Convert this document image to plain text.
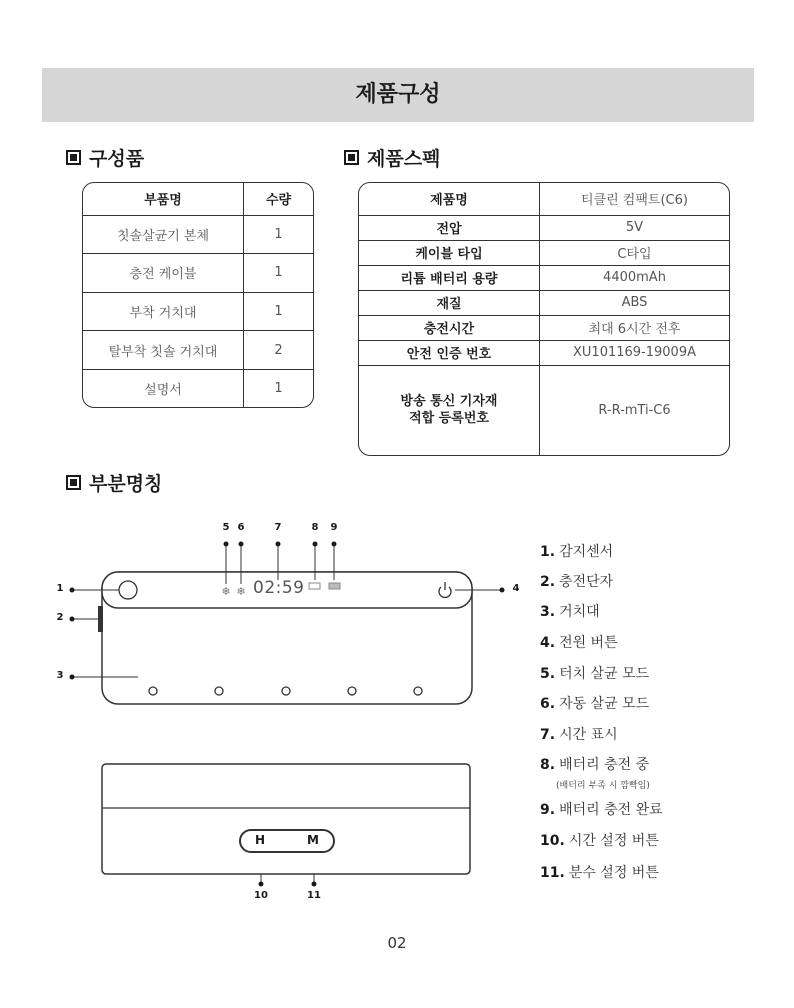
제품구성
구성품
부품명	수량
칫솔살균기 본체	1
충전 케이블	1
부착 거치대	1
탈부착 칫솔 거치대	2
설명서	1
제품스펙
제품명	티클린 컴팩트(C6)
전압	5V
케이블 타입	C타입
리튬 배터리 용량	4400mAh
재질	ABS
충전시간	최대 6시간 전후
안전 인증 번호	XU101169-19009A

방송 통신 기자재
적합 등록번호	R-R-mTi-C6
부분명칭
❄ ❄ 02:59
5 6	7	8	9
1
2
3
4
H	M
10	11
1. 감지센서
2. 충전단자
3. 거치대
4. 전원 버튼
5. 터치 살균 모드
6. 자동 살균 모드
7. 시간 표시
8. 배터리 충전 중
(배터리 부족 시 깜빡임)
9. 배터리 충전 완료
10. 시간 설정 버튼
11. 분수 설정 버튼
02
